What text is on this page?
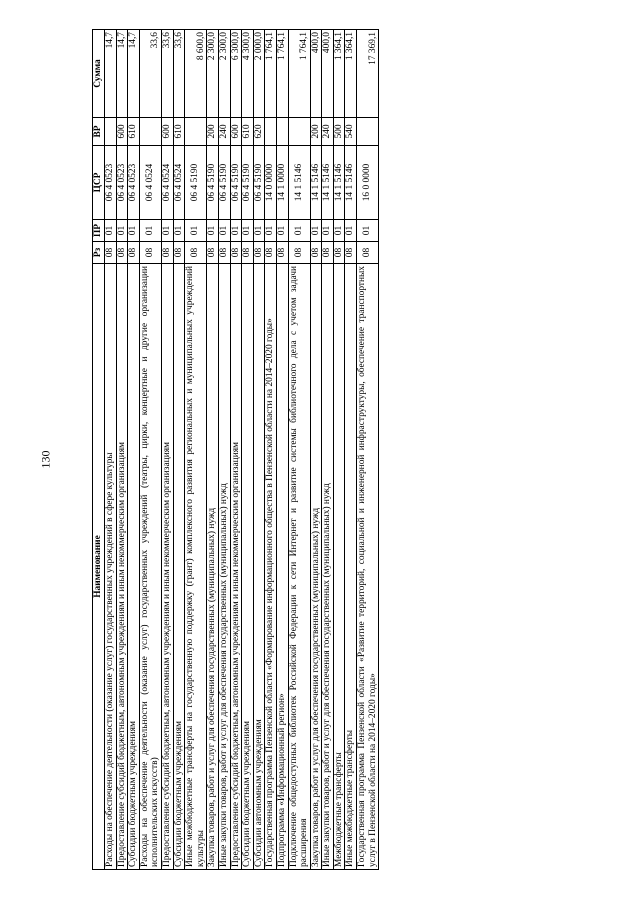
130
Наименование	Рз	ПР	ЦСР	ВР	Сумма
Расходы на обеспечение деятельности (оказание услуг) государственных учреждений в сфере культуры	08	01	06 4 0523		14,7
Предоставление субсидий бюджетным, автономным учреждениям и иным некоммерческим организациям	08	01	06 4 0523	600	14,7
Субсидии бюджетным учреждениям	08	01	06 4 0523	610	14,7
Расходы на обеспечение деятельности (оказание услуг) государственных учреждений (театры, цирки, концертные и другие организации исполнительских искусств)	08	01	06 4 0524		33,6
Предоставление субсидий бюджетным, автономным учреждениям и иным некоммерческим организациям	08	01	06 4 0524	600	33,6
Субсидии бюджетным учреждениям	08	01	06 4 0524	610	33,6
Иные межбюджетные трансферты на государственную поддержку (грант) комплексного развития региональных и муниципальных учреждений культуры	08	01	06 4 5190		8 600,0
Закупка товаров, работ и услуг для обеспечения государственных (муниципальных) нужд	08	01	06 4 5190	200	2 300,0
Иные закупки товаров, работ и услуг для обеспечения государственных (муниципальных) нужд	08	01	06 4 5190	240	2 300,0
Предоставление субсидий бюджетным, автономным учреждениям и иным некоммерческим организациям	08	01	06 4 5190	600	6 300,0
Субсидии бюджетным учреждениям	08	01	06 4 5190	610	4 300,0
Субсидии автономным учреждениям	08	01	06 4 5190	620	2 000,0
Государственная программа Пензенской области «Формирование информационного общества в Пензенской области на 2014–2020 годы»	08	01	14 0 0000		1 764,1
Подпрограмма «Информационный регион»	08	01	14 1 0000		1 764,1
Подключение общедоступных библиотек Российской Федерации к сети Интернет и развитие системы библиотечного дела с учетом задачи расширения	08	01	14 1 5146		1 764,1
Закупка товаров, работ и услуг для обеспечения государственных (муниципальных) нужд	08	01	14 1 5146	200	400,0
Иные закупки товаров, работ и услуг для обеспечения государственных (муниципальных) нужд	08	01	14 1 5146	240	400,0
Межбюджетные трансферты	08	01	14 1 5146	500	1 364,1
Иные межбюджетные трансферты	08	01	14 1 5146	540	1 364,1
Государственная программа Пензенской области «Развитие территорий, социальной и инженерной инфраструктуры, обеспечение транспортных услуг в Пензенской области на 2014–2020 годы»	08	01	16 0 0000		17 369,1
